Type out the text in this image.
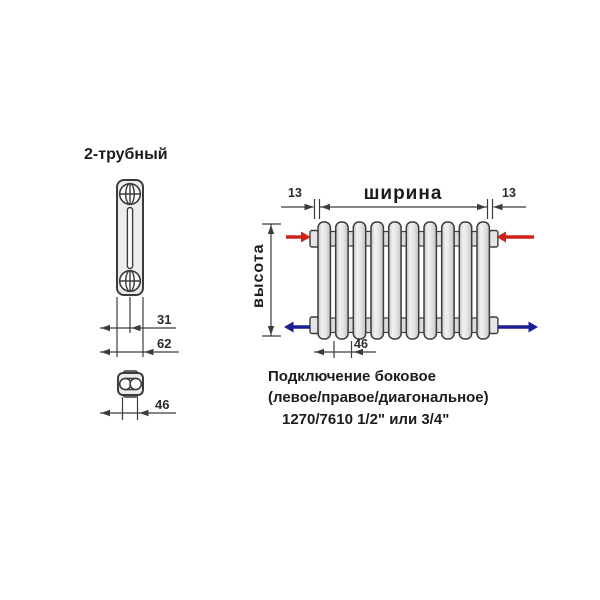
2-трубный
31
62
46
ширина
13	13
высота
46
Подключение боковое
(левое/правое/диагональное)
1270/7610 1/2" или 3/4"
